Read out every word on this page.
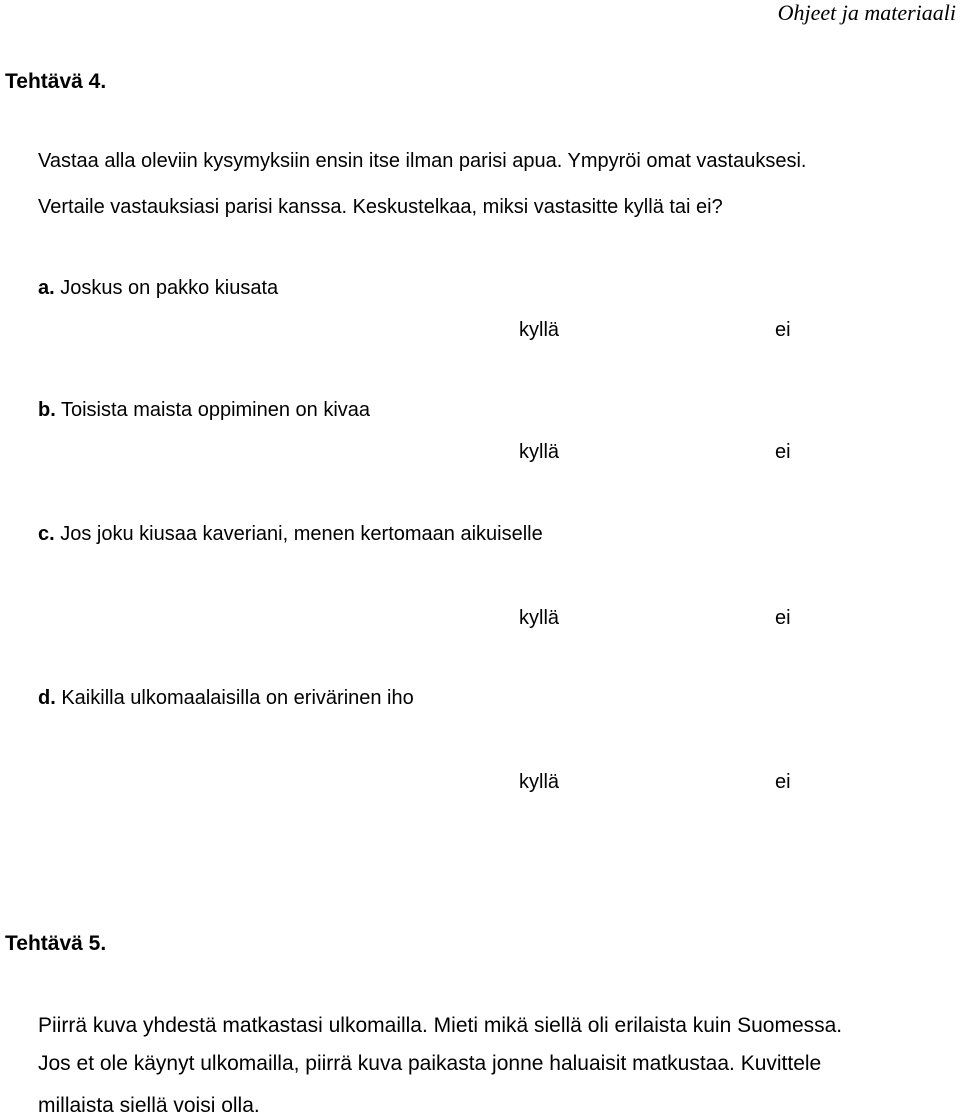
Ohjeet ja materiaali
Tehtävä 4.
Vastaa alla oleviin kysymyksiin ensin itse ilman parisi apua. Ympyröi omat vastauksesi.
Vertaile vastauksiasi parisi kanssa. Keskustelkaa, miksi vastasitte kyllä tai ei?
a. Joskus on pakko kiusata
kyllä	ei
b. Toisista maista oppiminen on kivaa
kyllä	ei
c. Jos joku kiusaa kaveriani, menen kertomaan aikuiselle
kyllä	ei
d. Kaikilla ulkomaalaisilla on erivärinen iho
kyllä	ei
Tehtävä 5.
Piirrä kuva yhdestä matkastasi ulkomailla. Mieti mikä siellä oli erilaista kuin Suomessa.
Jos et ole käynyt ulkomailla, piirrä kuva paikasta jonne haluaisit matkustaa. Kuvittele
millaista siellä voisi olla.
